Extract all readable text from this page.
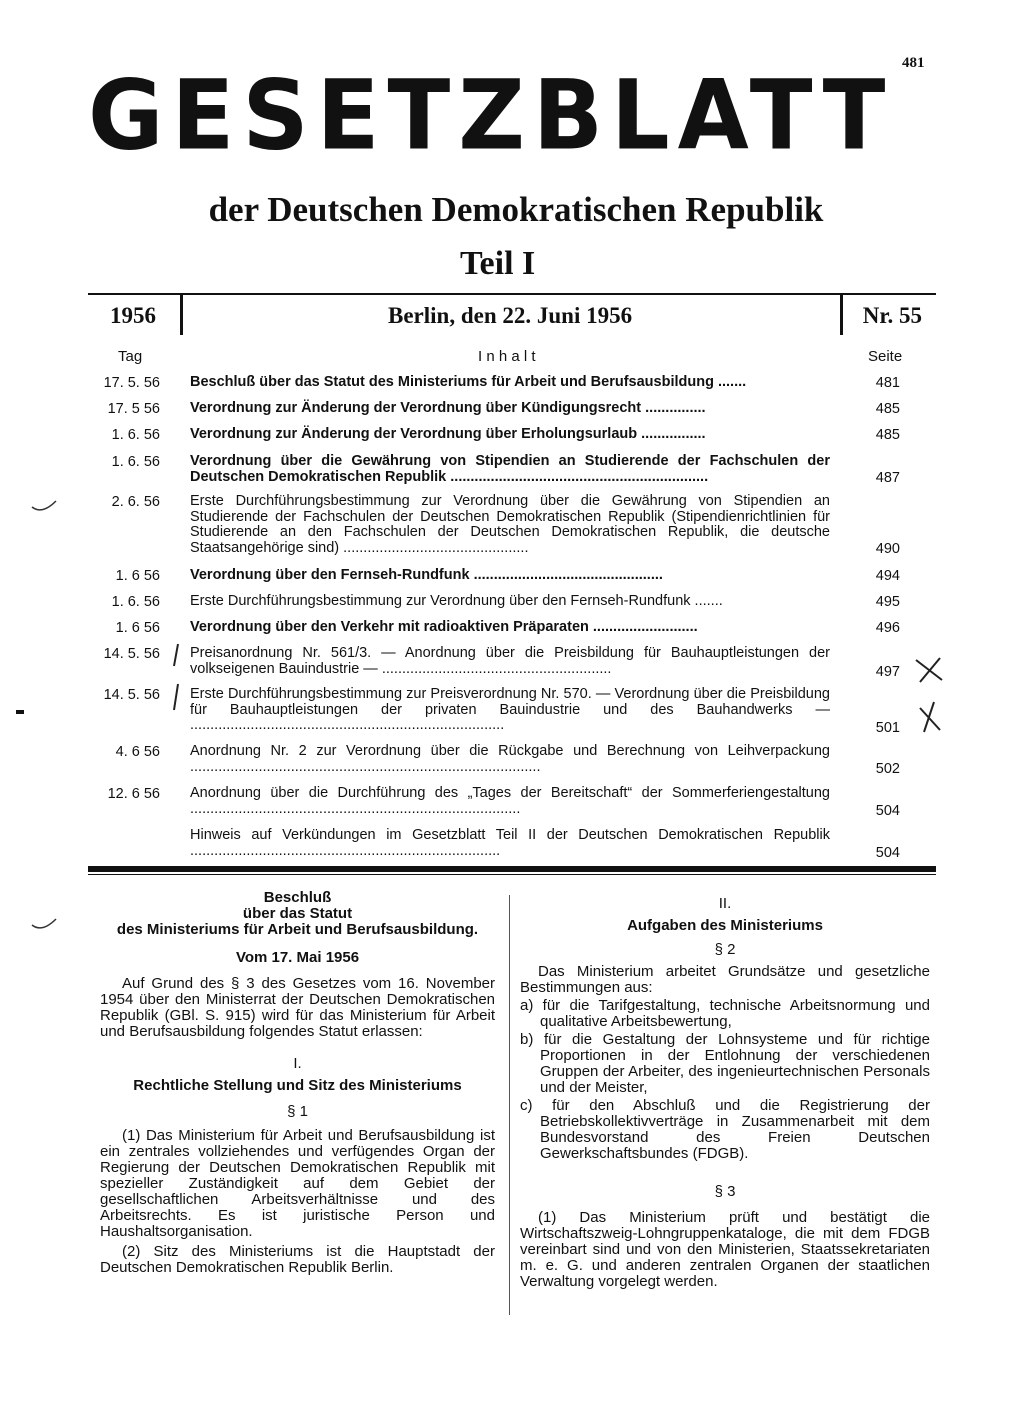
481
GESETZBLATT
der Deutschen Demokratischen Republik
Teil I
1956	Berlin, den 22. Juni 1956	Nr. 55
Tag	I n h a l t	Seite
17. 5. 56 Beschluß über das Statut des Ministeriums für Arbeit und Berufsausbildung .......	481
17. 5 56 Verordnung zur Änderung der Verordnung über Kündigungsrecht ...............	485
1. 6. 56 Verordnung zur Änderung der Verordnung über Erholungsurlaub ................	485
1. 6. 56 Verordnung über die Gewährung von Stipendien an Studierende der Fachschulen der Deutschen Demokratischen Republik ................................................................	487
2. 6. 56 Erste Durchführungsbestimmung zur Verordnung über die Gewährung von Stipendien an Studierende der Fachschulen der Deutschen Demokratischen Republik (Stipendienrichtlinien für Studierende an den Fachschulen der Deutschen Demokratischen Republik, die deutsche Staatsangehörige sind) ..............................................	490
1. 6 56 Verordnung über den Fernseh-Rundfunk ...............................................	494
1. 6. 56 Erste Durchführungsbestimmung zur Verordnung über den Fernseh-Rundfunk .......	495
1. 6 56 Verordnung über den Verkehr mit radioaktiven Präparaten ..........................	496
14. 5. 56 Preisanordnung Nr. 561/3. — Anordnung über die Preisbildung für Bauhauptleistungen der volkseigenen Bauindustrie — .........................................................	497
14. 5. 56 Erste Durchführungsbestimmung zur Preisverordnung Nr. 570. — Verordnung über die Preisbildung für Bauhauptleistungen der privaten Bauindustrie und des Bauhandwerks — ..............................................................................	501
4. 6 56 Anordnung Nr. 2 zur Verordnung über die Rückgabe und Berechnung von Leihverpackung .......................................................................................	502
12. 6 56 Anordnung über die Durchführung des „Tages der Bereitschaft“ der Sommerferiengestaltung ..................................................................................	504
Hinweis auf Verkündungen im Gesetzblatt Teil II der Deutschen Demokratischen Republik .............................................................................	504

Beschluß

über das Statut

des Ministeriums für Arbeit und Berufsausbildung.

Vom 17. Mai 1956

Auf Grund des § 3 des Gesetzes vom 16. November 1954 über den Ministerrat der Deutschen Demokratischen Republik (GBl. S. 915) wird für das Ministerium für Arbeit und Berufsausbildung folgendes Statut erlassen:

I.

Rechtliche Stellung und Sitz des Ministeriums

§ 1

(1) Das Ministerium für Arbeit und Berufsausbildung ist ein zentrales vollziehendes und verfügendes Organ der Regierung der Deutschen Demokratischen Republik mit spezieller Zuständigkeit auf dem Gebiet der gesellschaftlichen Arbeitsverhältnisse und des Arbeitsrechts. Es ist juristische Person und Haushaltsorganisation.

(2) Sitz des Ministeriums ist die Hauptstadt der Deutschen Demokratischen Republik Berlin.

II.

Aufgaben des Ministeriums

§ 2

Das Ministerium arbeitet Grundsätze und gesetzliche Bestimmungen aus:

a) für die Tarifgestaltung, technische Arbeitsnormung und qualitative Arbeitsbewertung,

b) für die Gestaltung der Lohnsysteme und für richtige Proportionen in der Entlohnung der verschiedenen Gruppen der Arbeiter, des ingenieurtechnischen Personals und der Meister,

c) für den Abschluß und die Registrierung der Betriebskollektivverträge in Zusammenarbeit mit dem Bundesvorstand des Freien Deutschen Gewerkschaftsbundes (FDGB).

§ 3

(1) Das Ministerium prüft und bestätigt die Wirtschaftszweig-Lohngruppenkataloge, die mit dem FDGB vereinbart sind und von den Ministerien, Staatssekretariaten m. e. G. und anderen zentralen Organen der staatlichen Verwaltung vorgelegt werden.
